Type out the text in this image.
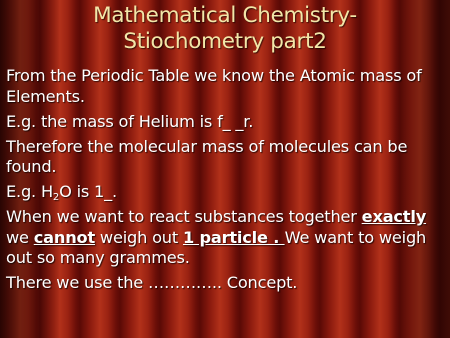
Mathematical Chemistry-
Stiochometry part2

From the Periodic Table we know the Atomic mass of Elements.

E.g. the mass of Helium is f_ _r.

Therefore the molecular mass of molecules can be found.

E.g. $H_2O$ is 1_.

When we want to react substances together exactly we cannot weigh out 1 particle . We want to weigh out so many grammes.

There we use the ………….. Concept.
